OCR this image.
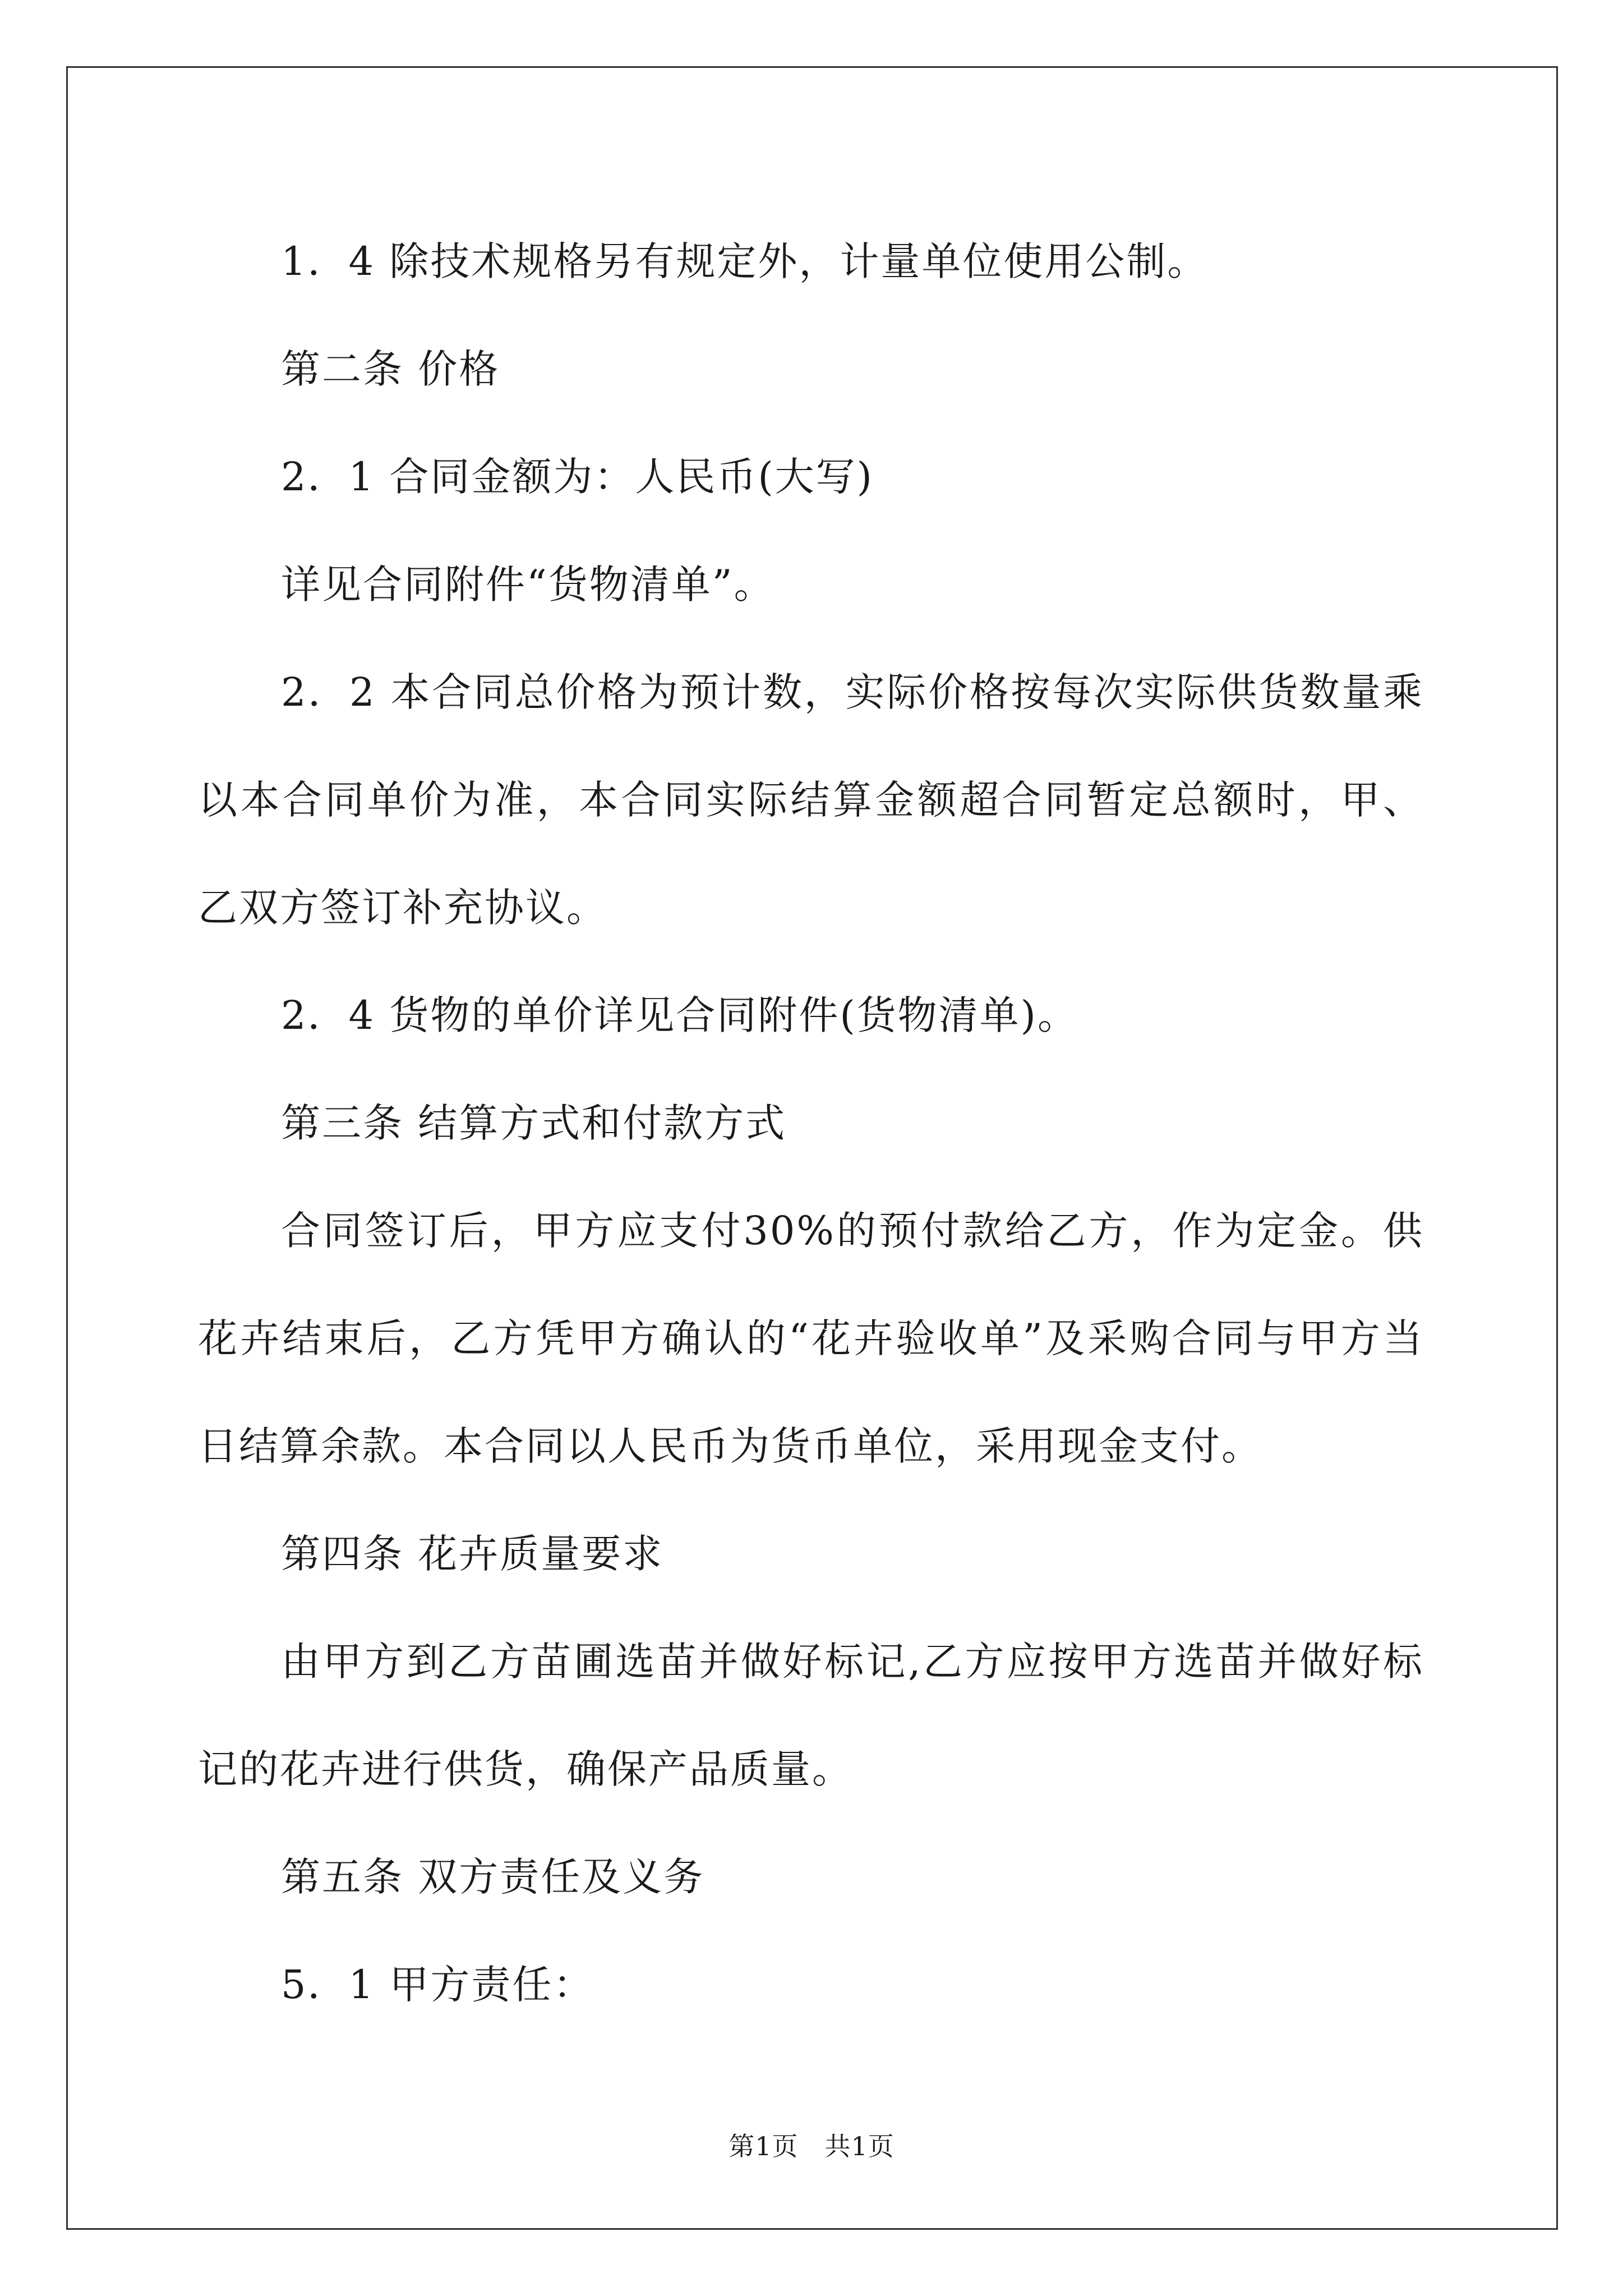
1．4 除技术规格另有规定外，计量单位使用公制。

第二条 价格

2．1 合同金额为：人民币(大写)

详见合同附件“货物清单”。

2．2 本合同总价格为预计数，实际价格按每次实际供货数量乘以本合同单价为准，本合同实际结算金额超合同暂定总额时，甲、乙双方签订补充协议。

2．4 货物的单价详见合同附件(货物清单)。

第三条 结算方式和付款方式

合同签订后，甲方应支付30%的预付款给乙方，作为定金。供花卉结束后，乙方凭甲方确认的“花卉验收单”及采购合同与甲方当日结算余款。本合同以人民币为货币单位，采用现金支付。

第四条 花卉质量要求

由甲方到乙方苗圃选苗并做好标记,乙方应按甲方选苗并做好标记的花卉进行供货，确保产品质量。

第五条 双方责任及义务

5．1 甲方责任：

第1页 共1页
